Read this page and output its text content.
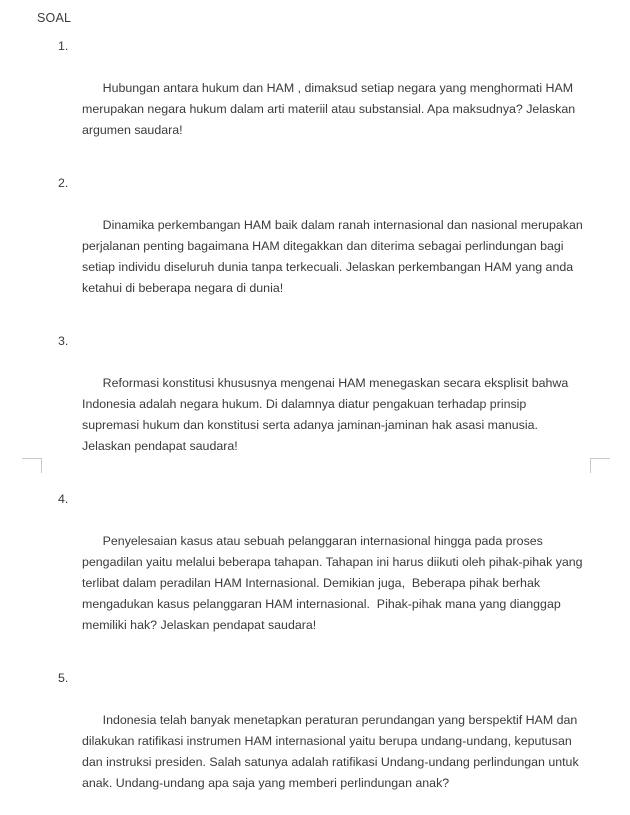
SOAL

1.

Hubungan antara hukum dan HAM , dimaksud setiap negara yang menghormati HAM merupakan negara hukum dalam arti materiil atau substansial. Apa maksudnya? Jelaskan argumen saudara!

2.

Dinamika perkembangan HAM baik dalam ranah internasional dan nasional merupakan perjalanan penting bagaimana HAM ditegakkan dan diterima sebagai perlindungan bagi setiap individu diseluruh dunia tanpa terkecuali. Jelaskan perkembangan HAM yang anda ketahui di beberapa negara di dunia!

3.

Reformasi konstitusi khususnya mengenai HAM menegaskan secara eksplisit bahwa Indonesia adalah negara hukum. Di dalamnya diatur pengakuan terhadap prinsip supremasi hukum dan konstitusi serta adanya jaminan-jaminan hak asasi manusia. Jelaskan pendapat saudara!

4.

Penyelesaian kasus atau sebuah pelanggaran internasional hingga pada proses pengadilan yaitu melalui beberapa tahapan. Tahapan ini harus diikuti oleh pihak-pihak yang terlibat dalam peradilan HAM Internasional. Demikian juga,  Beberapa pihak berhak mengadukan kasus pelanggaran HAM internasional.  Pihak-pihak mana yang dianggap memiliki hak? Jelaskan pendapat saudara!

5.

Indonesia telah banyak menetapkan peraturan perundangan yang berspektif HAM dan dilakukan ratifikasi instrumen HAM internasional yaitu berupa undang-undang, keputusan dan instruksi presiden. Salah satunya adalah ratifikasi Undang-undang perlindungan untuk anak. Undang-undang apa saja yang memberi perlindungan anak?
